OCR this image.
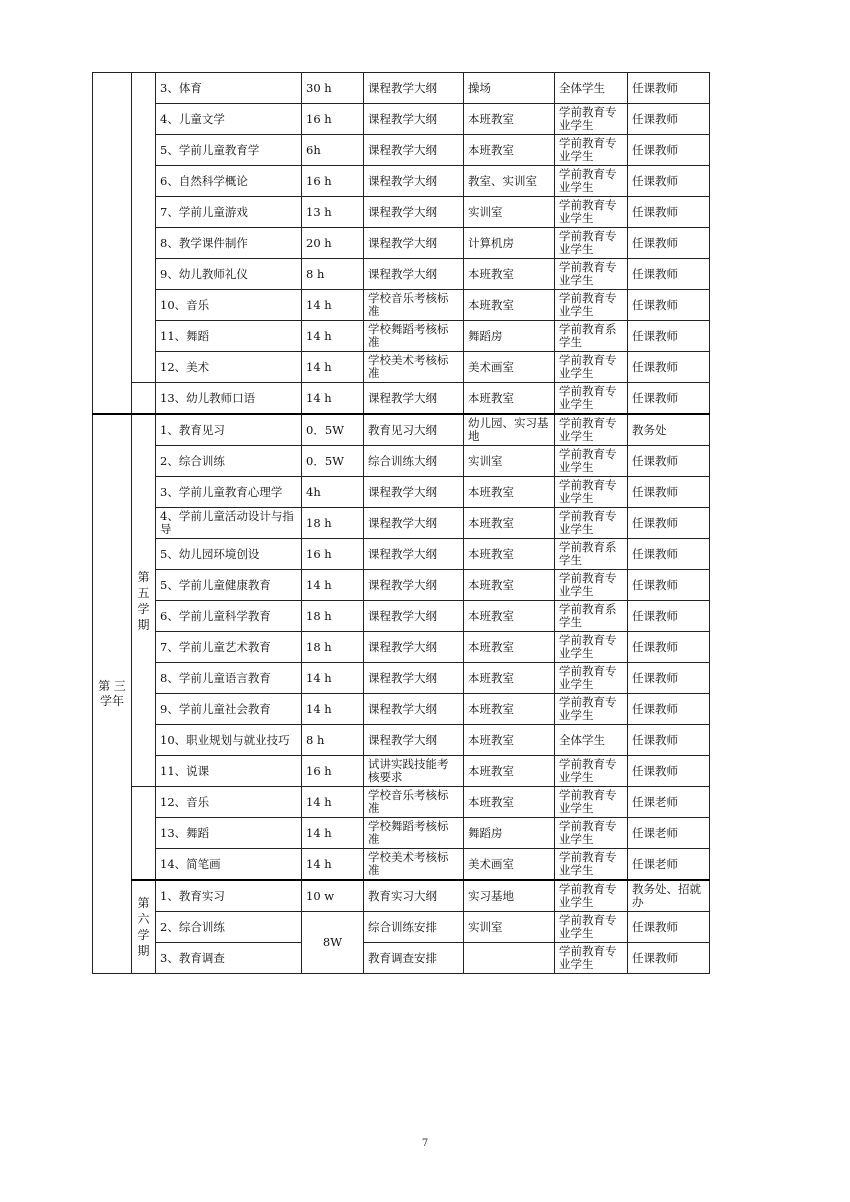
		3、体育	30 h	课程教学大纲	操场	全体学生	任课教师
		4、儿童文学	16 h	课程教学大纲	本班教室	学前教育专业学生	任课教师
		5、学前儿童教育学	6h	课程教学大纲	本班教室	学前教育专业学生	任课教师
		6、自然科学概论	16 h	课程教学大纲	教室、实训室	学前教育专业学生	任课教师
		7、学前儿童游戏	13 h	课程教学大纲	实训室	学前教育专业学生	任课教师
		8、教学课件制作	20 h	课程教学大纲	计算机房	学前教育专业学生	任课教师
		9、幼儿教师礼仪	8 h	课程教学大纲	本班教室	学前教育专业学生	任课教师
		10、音乐	14 h	学校音乐考核标准	本班教室	学前教育专业学生	任课教师
		11、舞蹈	14 h	学校舞蹈考核标准	舞蹈房	学前教育系学生	任课教师
		12、美术	14 h	学校美术考核标准	美术画室	学前教育专业学生	任课教师
		13、幼儿教师口语	14 h	课程教学大纲	本班教室	学前教育专业学生	任课教师
第 三
学年	第五学期	1、教育见习	0．5W	教育见习大纲	幼儿园、实习基地	学前教育专业学生	教务处
		2、综合训练	0．5W	综合训练大纲	实训室	学前教育专业学生	任课教师
		3、学前儿童教育心理学	4h	课程教学大纲	本班教室	学前教育专业学生	任课教师
		4、学前儿童活动设计与指导	18 h	课程教学大纲	本班教室	学前教育专业学生	任课教师
		5、幼儿园环境创设	16 h	课程教学大纲	本班教室	学前教育系学生	任课教师
		5、学前儿童健康教育	14 h	课程教学大纲	本班教室	学前教育专业学生	任课教师
		6、学前儿童科学教育	18 h	课程教学大纲	本班教室	学前教育系学生	任课教师
		7、学前儿童艺术教育	18 h	课程教学大纲	本班教室	学前教育专业学生	任课教师
		8、学前儿童语言教育	14 h	课程教学大纲	本班教室	学前教育专业学生	任课教师
		9、学前儿童社会教育	14 h	课程教学大纲	本班教室	学前教育专业学生	任课教师
		10、职业规划与就业技巧	8 h	课程教学大纲	本班教室	全体学生	任课教师
		11、说课	16 h	试讲实践技能考核要求	本班教室	学前教育专业学生	任课教师
		12、音乐	14 h	学校音乐考核标准	本班教室	学前教育专业学生	任课老师
		13、舞蹈	14 h	学校舞蹈考核标准	舞蹈房	学前教育专业学生	任课老师
		14、简笔画	14 h	学校美术考核标准	美术画室	学前教育专业学生	任课老师
	第六学期	1、教育实习	10 w	教育实习大纲	实习基地	学前教育专业学生	教务处、招就办
		2、综合训练	8W	综合训练安排	实训室	学前教育专业学生	任课教师
		3、教育调查		教育调查安排		学前教育专业学生	任课教师
7
